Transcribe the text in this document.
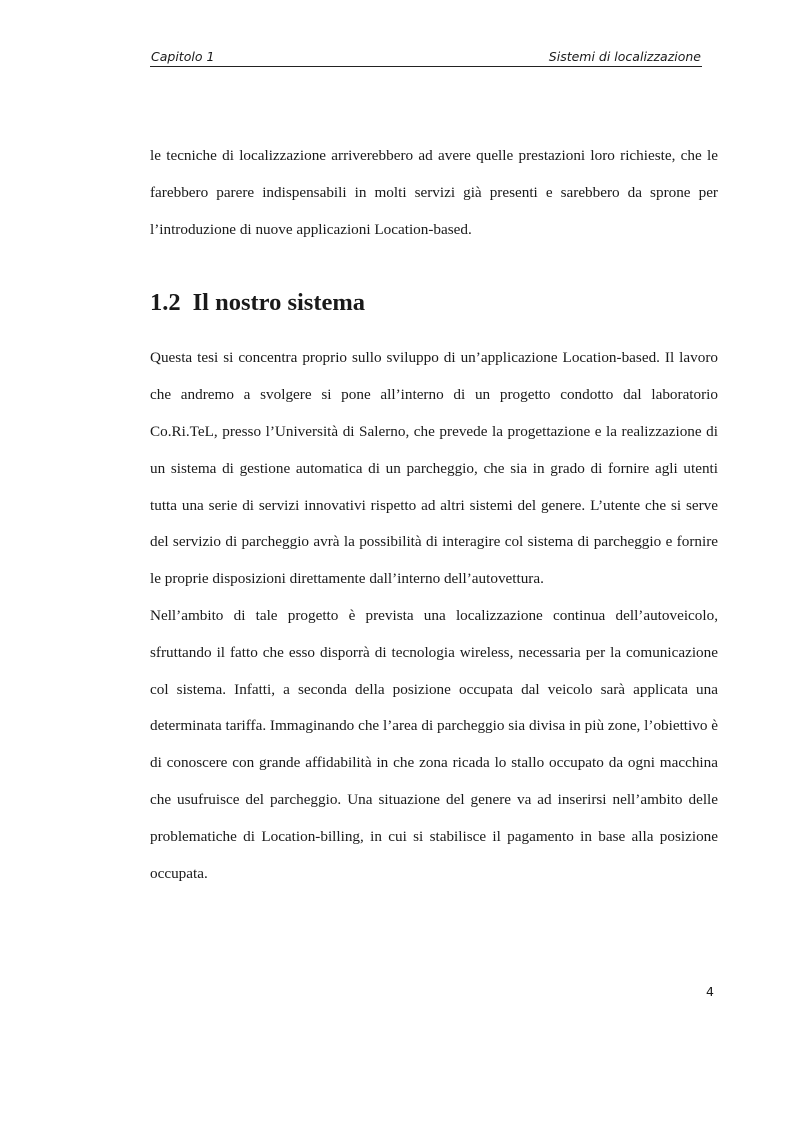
Capitolo 1	Sistemi di localizzazione

le tecniche di localizzazione arriverebbero ad avere quelle prestazioni loro richieste, che le farebbero parere indispensabili in molti servizi già presenti e sarebbero da sprone per l’introduzione di nuove applicazioni Location-based.

1.2 Il nostro sistema

Questa tesi si concentra proprio sullo sviluppo di un’applicazione Location-based. Il lavoro che andremo a svolgere si pone all’interno di un progetto condotto dal laboratorio Co.Ri.TeL, presso l’Università di Salerno, che prevede la progettazione e la realizzazione di un sistema di gestione automatica di un parcheggio, che sia in grado di fornire agli utenti tutta una serie di servizi innovativi rispetto ad altri sistemi del genere. L’utente che si serve del servizio di parcheggio avrà la possibilità di interagire col sistema di parcheggio e fornire le proprie disposizioni direttamente dall’interno dell’autovettura.

Nell’ambito di tale progetto è prevista una localizzazione continua dell’autoveicolo, sfruttando il fatto che esso disporrà di tecnologia wireless, necessaria per la comunicazione col sistema. Infatti, a seconda della posizione occupata dal veicolo sarà applicata una determinata tariffa. Immaginando che l’area di parcheggio sia divisa in più zone, l’obiettivo è di conoscere con grande affidabilità in che zona ricada lo stallo occupato da ogni macchina che usufruisce del parcheggio. Una situazione del genere va ad inserirsi nell’ambito delle problematiche di Location-billing, in cui si stabilisce il pagamento in base alla posizione occupata.

4
